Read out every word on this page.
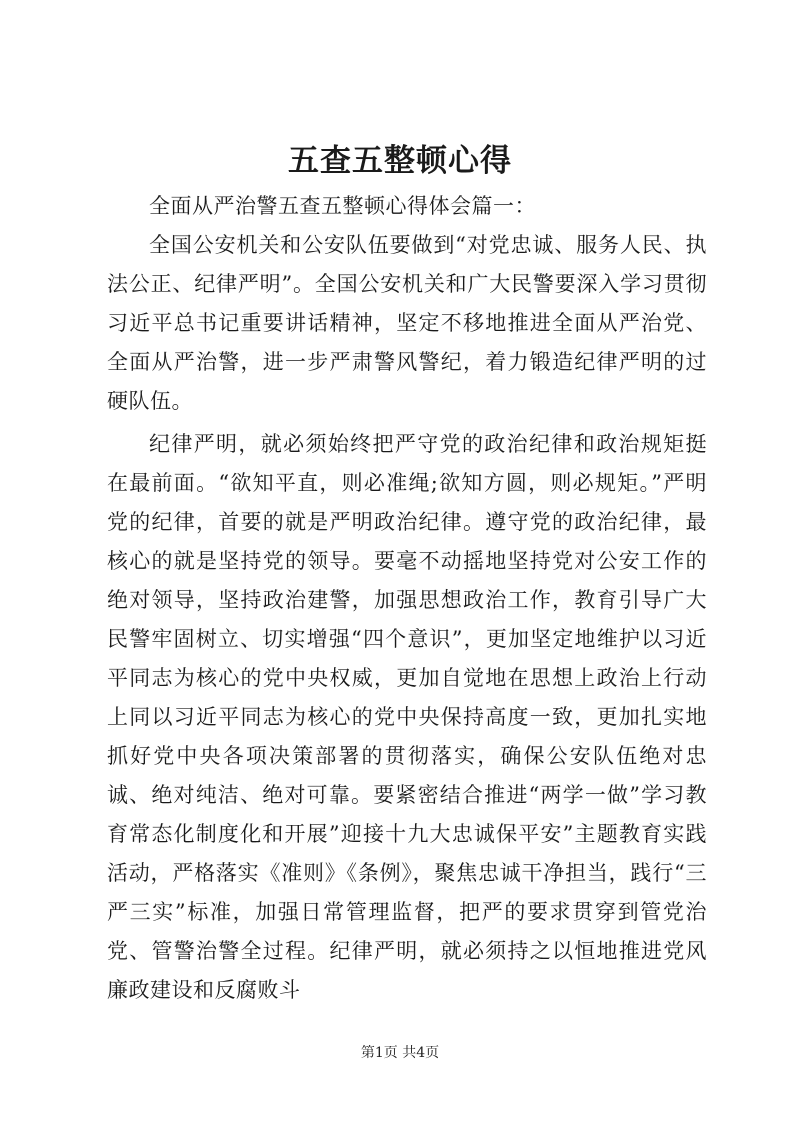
五查五整顿心得

全面从严治警五查五整顿心得体会篇一：

全国公安机关和公安队伍要做到“对党忠诚、服务人民、执法公正、纪律严明”。全国公安机关和广大民警要深入学习贯彻习近平总书记重要讲话精神，坚定不移地推进全面从严治党、全面从严治警，进一步严肃警风警纪，着力锻造纪律严明的过硬队伍。

纪律严明，就必须始终把严守党的政治纪律和政治规矩挺在最前面。“欲知平直，则必准绳;欲知方圆，则必规矩。”严明党的纪律，首要的就是严明政治纪律。遵守党的政治纪律，最核心的就是坚持党的领导。要毫不动摇地坚持党对公安工作的绝对领导，坚持政治建警，加强思想政治工作，教育引导广大民警牢固树立、切实增强“四个意识”，更加坚定地维护以习近平同志为核心的党中央权威，更加自觉地在思想上政治上行动上同以习近平同志为核心的党中央保持高度一致，更加扎实地抓好党中央各项决策部署的贯彻落实，确保公安队伍绝对忠诚、绝对纯洁、绝对可靠。要紧密结合推进“两学一做”学习教育常态化制度化和开展”迎接十九大忠诚保平安”主题教育实践活动，严格落实《准则》《条例》，聚焦忠诚干净担当，践行“三严三实”标准，加强日常管理监督，把严的要求贯穿到管党治党、管警治警全过程。纪律严明，就必须持之以恒地推进党风廉政建设和反腐败斗

第1页 共4页
